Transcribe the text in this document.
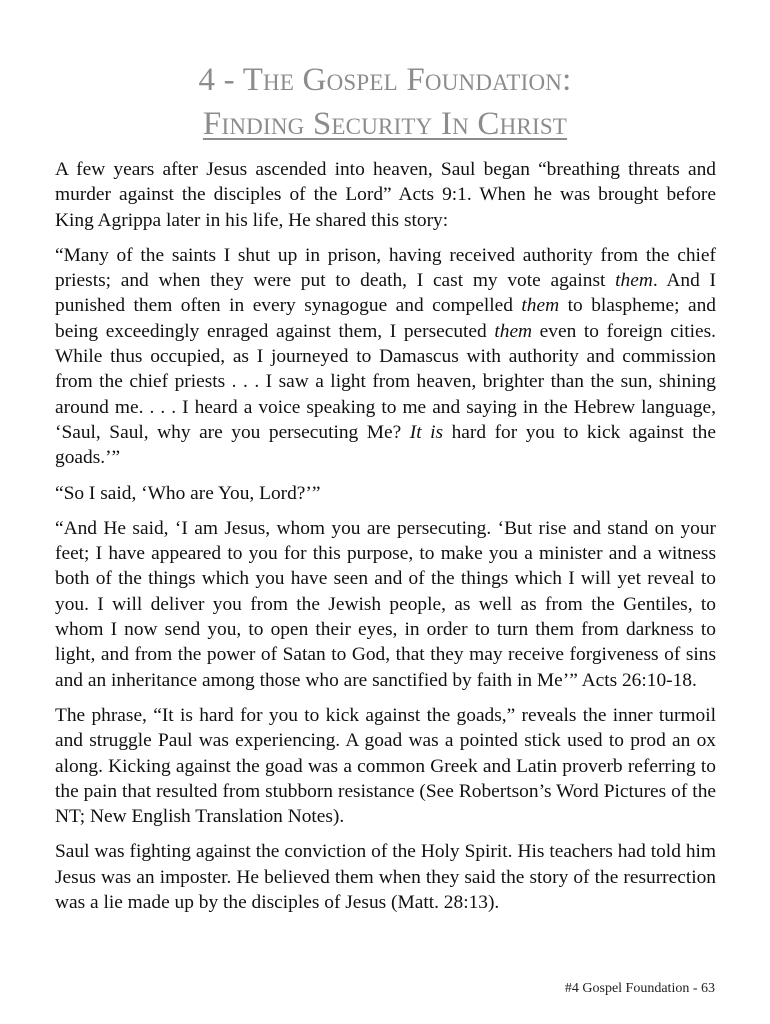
4 - The Gospel Foundation:
Finding Security In Christ

A few years after Jesus ascended into heaven, Saul began “breathing threats and murder against the disciples of the Lord” Acts 9:1. When he was brought before King Agrippa later in his life, He shared this story:

“Many of the saints I shut up in prison, having received authority from the chief priests; and when they were put to death, I cast my vote against them. And I punished them often in every synagogue and compelled them to blaspheme; and being exceedingly enraged against them, I persecuted them even to foreign cities. While thus occupied, as I journeyed to Damascus with authority and commission from the chief priests . . . I saw a light from heaven, brighter than the sun, shining around me. . . . I heard a voice speaking to me and saying in the Hebrew language, ‘Saul, Saul, why are you persecuting Me? It is hard for you to kick against the goads.’”

“So I said, ‘Who are You, Lord?’”

“And He said, ‘I am Jesus, whom you are persecuting. ‘But rise and stand on your feet; I have appeared to you for this purpose, to make you a minister and a witness both of the things which you have seen and of the things which I will yet reveal to you. I will deliver you from the Jewish people, as well as from the Gentiles, to whom I now send you, to open their eyes, in order to turn them from darkness to light, and from the power of Satan to God, that they may receive forgiveness of sins and an inheritance among those who are sanctified by faith in Me’” Acts 26:10-18.

The phrase, “It is hard for you to kick against the goads,” reveals the inner turmoil and struggle Paul was experiencing. A goad was a pointed stick used to prod an ox along. Kicking against the goad was a common Greek and Latin proverb referring to the pain that resulted from stubborn resistance (See Robertson’s Word Pictures of the NT; New English Translation Notes).

Saul was fighting against the conviction of the Holy Spirit. His teachers had told him Jesus was an imposter. He believed them when they said the story of the resurrection was a lie made up by the disciples of Jesus (Matt. 28:13).

#4 Gospel Foundation - 63
